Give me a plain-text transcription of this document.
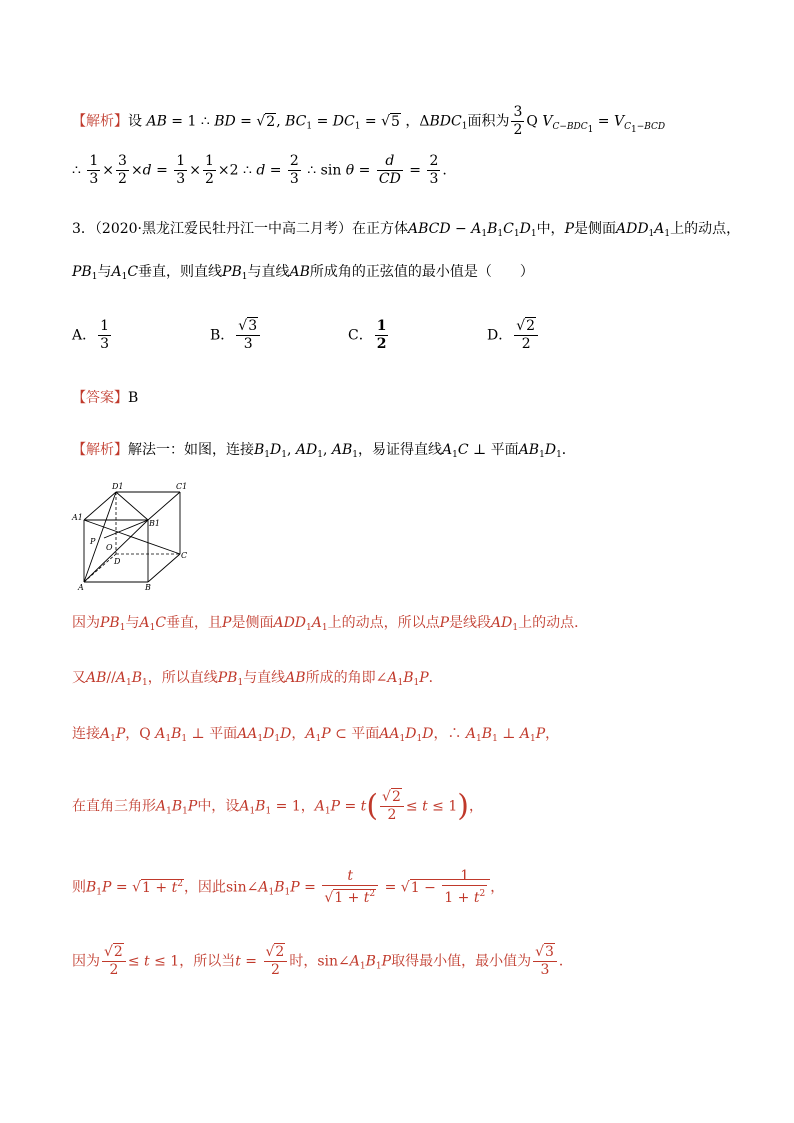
【解析】设 AB = 1 ∴ BD = √2, $BC_1 = DC_1 = √5$ ，$\Delta BDC_1$面积为 $\frac{3}{2}$ Q $V_{C-BDC_1} = V_{C_1-BCD}$
∴ $\frac{1}{3} \times \frac{3}{2} \times d = \frac{1}{3} \times \frac{1}{2} \times 2$ ∴ $d = \frac{2}{3}$ ∴ $\sin \theta = \frac{d}{CD} = \frac{2}{3}$ .
3．（2020·黑龙江爱民牡丹江一中高二月考）在正方体ABCD − $A_1B_1C_1D_1$中，P是侧面$ADD_1A_1$上的动点，
$PB_1$与$A_1C$垂直，则直线$PB_1$与直线AB所成角的正弦值的最小值是（　　）
A． $\frac{1}{3}$	B． $\frac{√3}{3}$	C． $\frac{1}{2}$	D． $\frac{√2}{2}$
【答案】B
【解析】解法一：如图，连接$B_1D_1$, $AD_1$, $AB_1$，易证得直线$A_1C$ ⊥ 平面$AB_1D_1$．
D1	C1
A1
B1
P
O
D
C
A	B
因为$PB_1$与$A_1C$垂直，且P是侧面$ADD_1A_1$上的动点，所以点P是线段$AD_1$上的动点．
又$AB//A_1B_1$，所以直线$PB_1$与直线AB所成的角即$\angle A_1B_1P$．
连接$A_1P$，Q $A_1B_1$ ⊥ 平面$AA_1D_1D$，$A_1P$ ⊂ 平面$AA_1D_1D$，∴ $A_1B_1$ ⊥ $A_1P$，
在直角三角形$A_1B_1P$中，设$A_1B_1 = 1$，$A_1P = t( \frac{√2}{2} \le t \le 1)$，
则$B_1P = √1 + t^2$，因此$\sin\angle A_1B_1P = \frac{t}{√1 + t^2} = √1 - \frac{1}{1 + t^2}$ ，
因为 $\frac{√2}{2} \le t \le 1$，所以当$t = \frac{√2}{2}$ 时，$\sin\angle A_1B_1P$取得最小值，最小值为 $\frac{√3}{3}$ ．
